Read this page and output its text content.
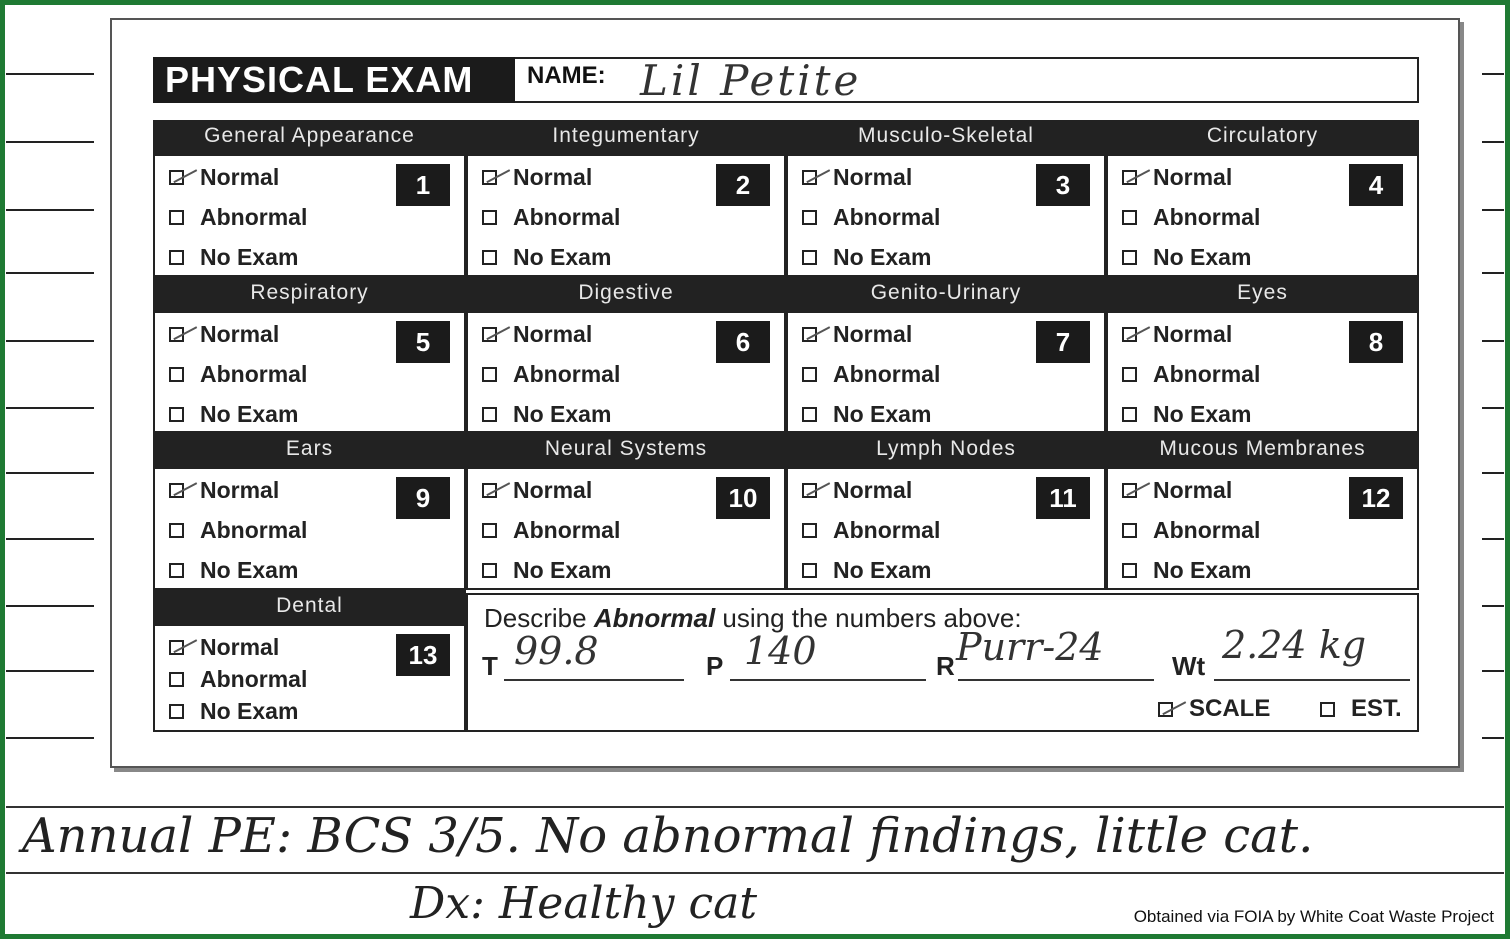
PHYSICAL EXAM	NAME: Lil Petite
General Appearance
Normal
Abnormal
No Exam
1
Integumentary
Normal
Abnormal
No Exam
2
Musculo-Skeletal
Normal
Abnormal
No Exam
3
Circulatory
Normal
Abnormal
No Exam
4
Respiratory
Normal
Abnormal
No Exam
5
Digestive
Normal
Abnormal
No Exam
6
Genito-Urinary
Normal
Abnormal
No Exam
7
Eyes
Normal
Abnormal
No Exam
8
Ears
Normal
Abnormal
No Exam
9
Neural Systems
Normal
Abnormal
No Exam
10
Lymph Nodes
Normal
Abnormal
No Exam
11
Mucous Membranes
Normal
Abnormal
No Exam
12
Dental
Normal
Abnormal
No Exam
13
Describe Abnormal using the numbers above:
T 99.8	P 140	R Purr-24	Wt 2.24 kg
SCALE	EST.
Annual PE: BCS 3/5. No abnormal findings, little cat.
Dx: Healthy cat	Obtained via FOIA by White Coat Waste Project
